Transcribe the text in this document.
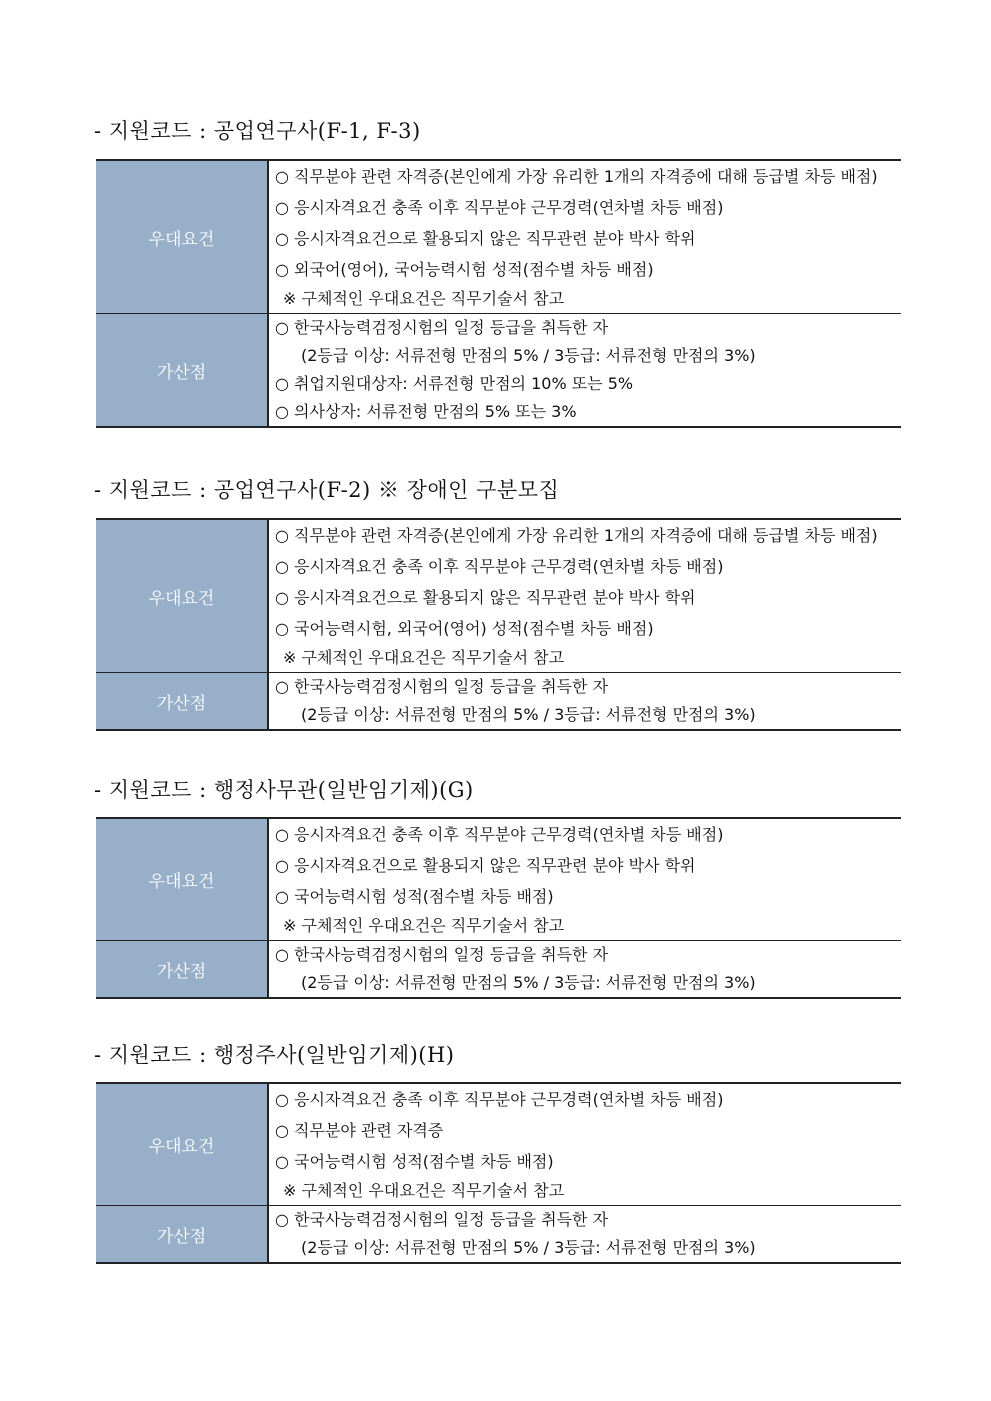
- 지원코드 : 공업연구사(F-1, F-3)
우대요건	○ 직무분야 관련 자격증(본인에게 가장 유리한 1개의 자격증에 대해 등급별 차등 배점)
○ 응시자격요건 충족 이후 직무분야 근무경력(연차별 차등 배점)
○ 응시자격요건으로 활용되지 않은 직무관련 분야 박사 학위
○ 외국어(영어), 국어능력시험 성적(점수별 차등 배점)
※ 구체적인 우대요건은 직무기술서 참고

가산점	○ 한국사능력검정시험의 일정 등급을 취득한 자
(2등급 이상: 서류전형 만점의 5% / 3등급: 서류전형 만점의 3%)
○ 취업지원대상자: 서류전형 만점의 10% 또는 5%
○ 의사상자: 서류전형 만점의 5% 또는 3%
- 지원코드 : 공업연구사(F-2) ※ 장애인 구분모집
우대요건	○ 직무분야 관련 자격증(본인에게 가장 유리한 1개의 자격증에 대해 등급별 차등 배점)
○ 응시자격요건 충족 이후 직무분야 근무경력(연차별 차등 배점)
○ 응시자격요건으로 활용되지 않은 직무관련 분야 박사 학위
○ 국어능력시험, 외국어(영어) 성적(점수별 차등 배점)
※ 구체적인 우대요건은 직무기술서 참고

가산점	○ 한국사능력검정시험의 일정 등급을 취득한 자
(2등급 이상: 서류전형 만점의 5% / 3등급: 서류전형 만점의 3%)
- 지원코드 : 행정사무관(일반임기제)(G)
우대요건	○ 응시자격요건 충족 이후 직무분야 근무경력(연차별 차등 배점)
○ 응시자격요건으로 활용되지 않은 직무관련 분야 박사 학위
○ 국어능력시험 성적(점수별 차등 배점)
※ 구체적인 우대요건은 직무기술서 참고

가산점	○ 한국사능력검정시험의 일정 등급을 취득한 자
(2등급 이상: 서류전형 만점의 5% / 3등급: 서류전형 만점의 3%)
- 지원코드 : 행정주사(일반임기제)(H)
우대요건	○ 응시자격요건 충족 이후 직무분야 근무경력(연차별 차등 배점)
○ 직무분야 관련 자격증
○ 국어능력시험 성적(점수별 차등 배점)
※ 구체적인 우대요건은 직무기술서 참고

가산점	○ 한국사능력검정시험의 일정 등급을 취득한 자
(2등급 이상: 서류전형 만점의 5% / 3등급: 서류전형 만점의 3%)
